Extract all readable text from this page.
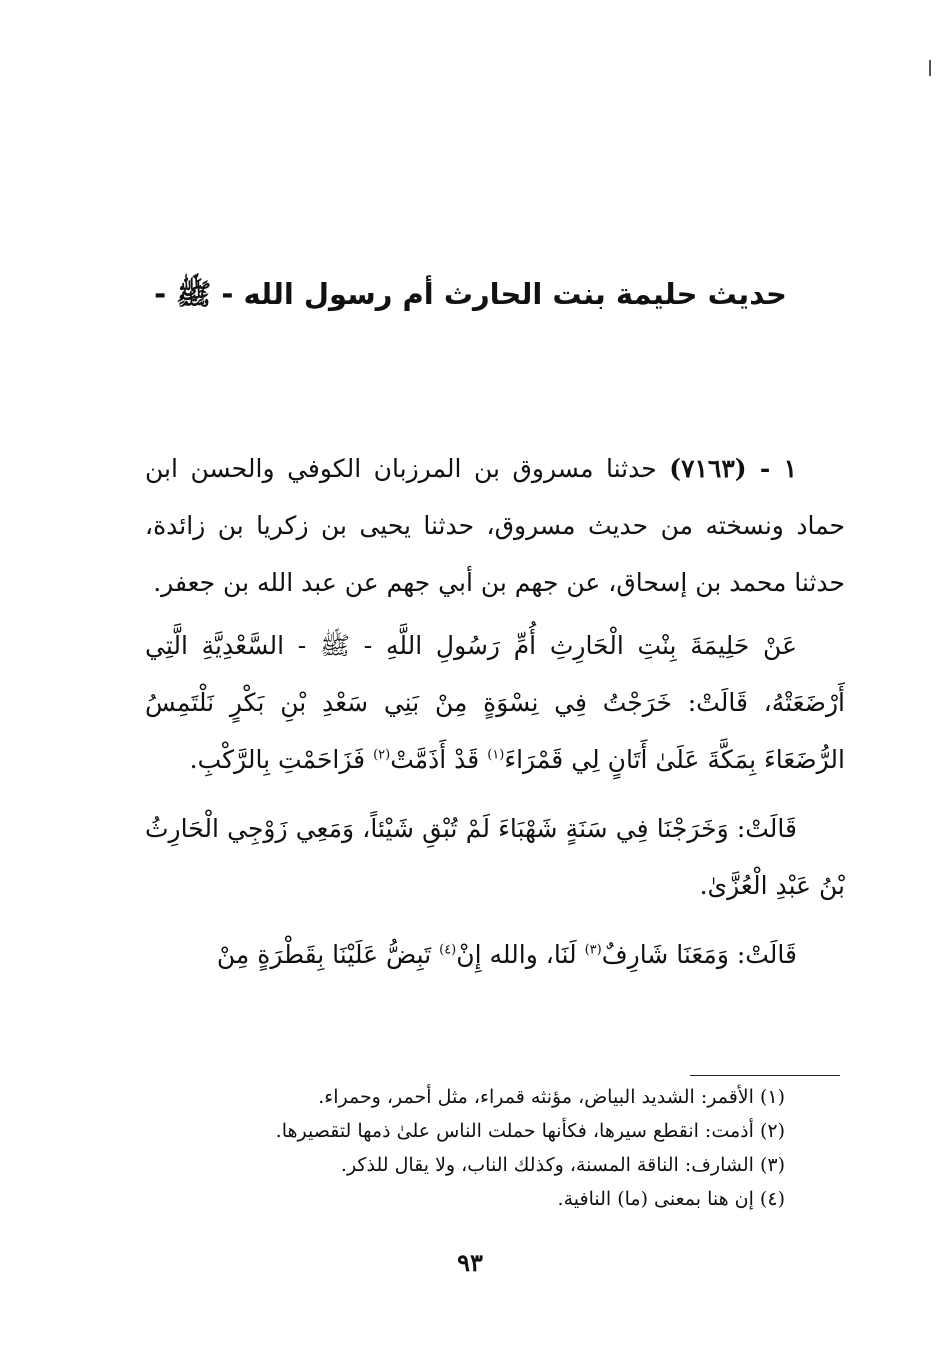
حديث حليمة بنت الحارث أم رسول الله - ﷺ -

١ - (٧١٦٣) حدثنا مسروق بن المرزبان الكوفي والحسن ابن حماد ونسخته من حديث مسروق، حدثنا يحيى بن زكريا بن زائدة، حدثنا محمد بن إسحاق، عن جهم بن أبي جهم عن عبد الله بن جعفر.

عَنْ حَلِيمَةَ بِنْتِ الْحَارِثِ أُمِّ رَسُولِ اللَّهِ - ﷺ - السَّعْدِيَّةِ الَّتِي أَرْضَعَتْهُ، قَالَتْ: خَرَجْتُ فِي نِسْوَةٍ مِنْ بَنِي سَعْدِ بْنِ بَكْرٍ نَلْتَمِسُ الرُّضَعَاءَ بِمَكَّةَ عَلَىٰ أَتَانٍ لِي قَمْرَاءَ$^{(١)}$ قَدْ أَذَمَّتْ$^{(٢)}$ فَزَاحَمْتِ بِالرَّكْبِ.

قَالَتْ: وَخَرَجْنَا فِي سَنَةٍ شَهْبَاءَ لَمْ تُبْقِ شَيْئاً، وَمَعِي زَوْجِي الْحَارِثُ بْنُ عَبْدِ الْعُزَّىٰ.

قَالَتْ: وَمَعَنَا شَارِفٌ$^{(٣)}$ لَنَا، والله إِنْ$^{(٤)}$ تَبِضُّ عَلَيْنَا بِقَطْرَةٍ مِنْ

(١) الأقمر: الشديد البياض، مؤنثه قمراء، مثل أحمر، وحمراء.

(٢) أذمت: انقطع سيرها، فكأنها حملت الناس علىٰ ذمها لتقصيرها.

(٣) الشارف: الناقة المسنة، وكذلك الناب، ولا يقال للذكر.

(٤) إن هنا بمعنى (ما) النافية.

٩٣
